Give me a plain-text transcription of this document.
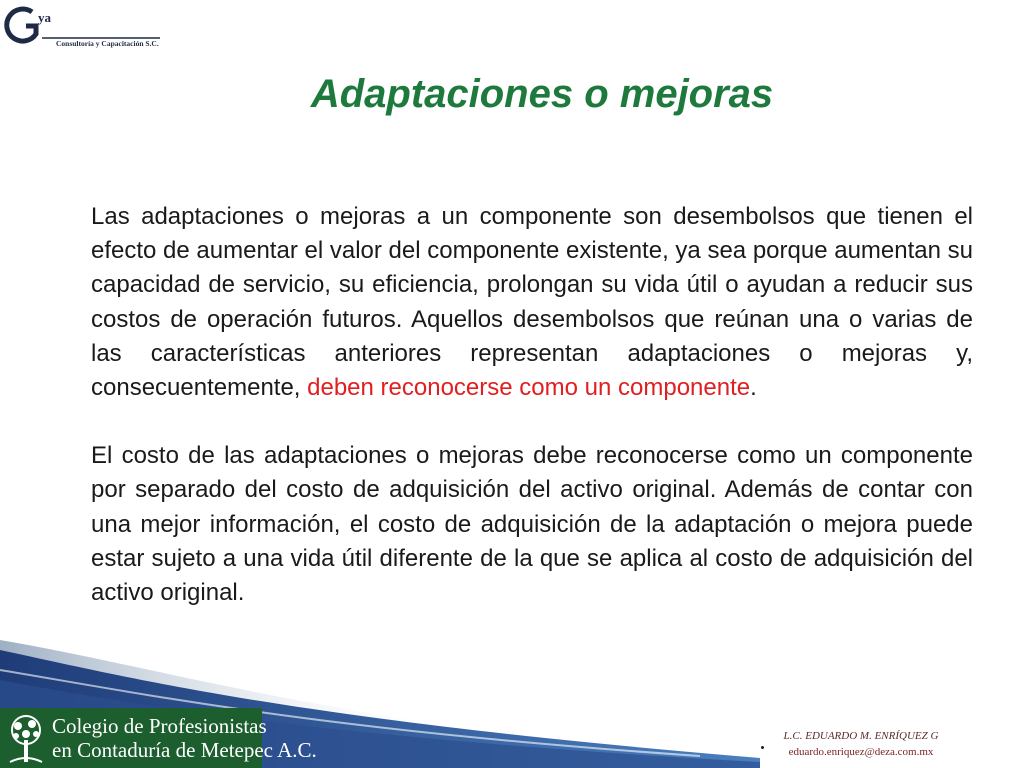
ya
Consultoría y Capacitación S.C.
Adaptaciones o mejoras

Las adaptaciones o mejoras a un componente son desembolsos que tienen el efecto de aumentar el valor del componente existente, ya sea porque aumentan su capacidad de servicio, su eficiencia, prolongan su vida útil o ayudan a reducir sus costos de operación futuros. Aquellos desembolsos que reúnan una o varias de las características anteriores representan adaptaciones o mejoras y, consecuentemente, deben reconocerse como un componente.

El costo de las adaptaciones o mejoras debe reconocerse como un componente por separado del costo de adquisición del activo original. Además de contar con una mejor información, el costo de adquisición de la adaptación o mejora puede estar sujeto a una vida útil diferente de la que se aplica al costo de adquisición del activo original.

Colegio de Profesionistas
en Contaduría de Metepec A.C.
L.C. EDUARDO M. ENRÍQUEZ G
eduardo.enriquez@deza.com.mx
